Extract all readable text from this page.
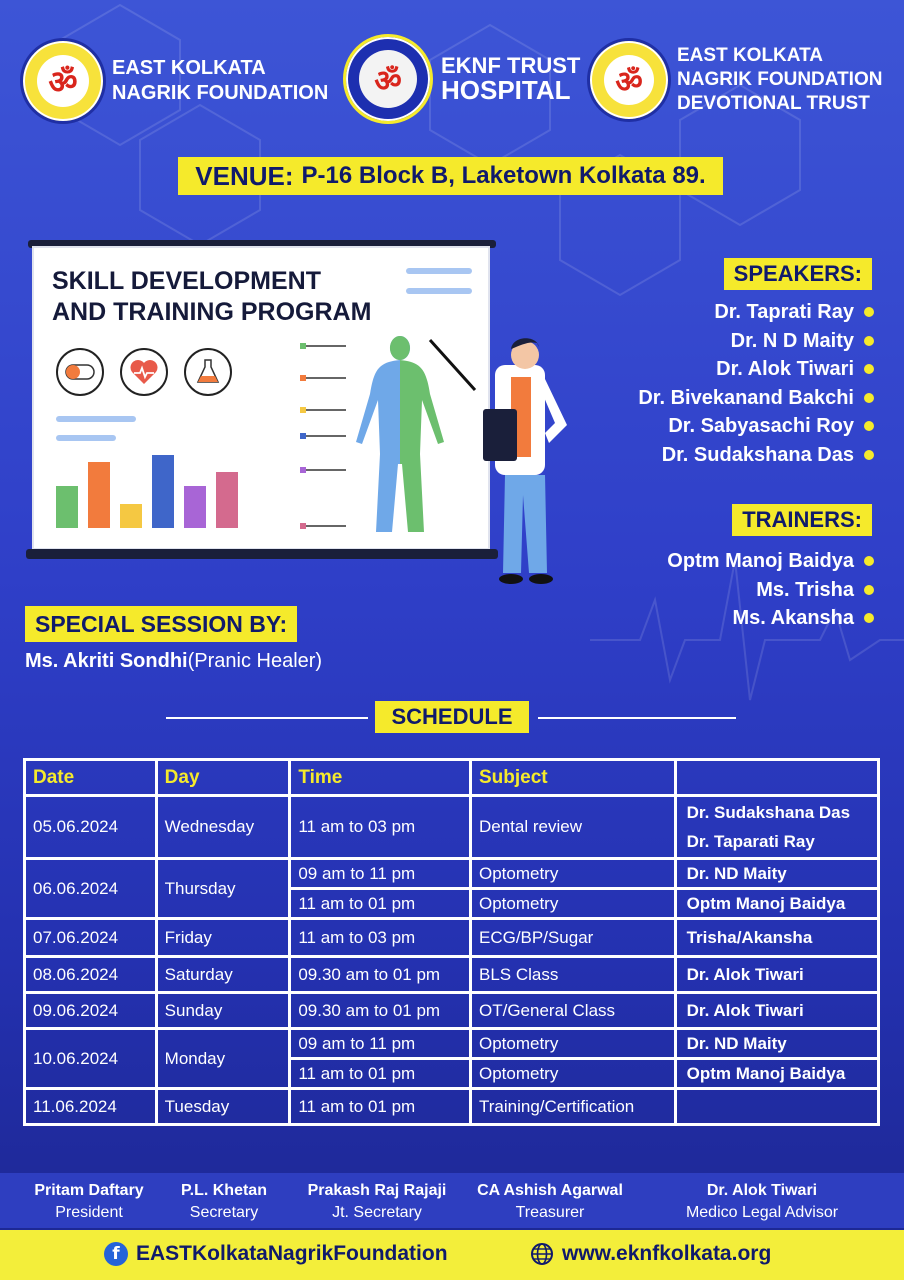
ॐ	EAST KOLKATA
NAGRIK FOUNDATION	ॐ	EKNF TRUST
HOSPITAL	ॐ
EAST KOLKATA
NAGRIK FOUNDATION
DEVOTIONAL TRUST
VENUE: P-16 Block B, Laketown Kolkata 89.
SKILL DEVELOPMENT
AND TRAINING PROGRAM
SPEAKERS:
Dr. Taprati Ray
Dr. N D Maity
Dr. Alok Tiwari
Dr. Bivekanand Bakchi
Dr. Sabyasachi Roy
Dr. Sudakshana Das
TRAINERS:
Optm Manoj Baidya
Ms. Trisha
Ms. Akansha
SPECIAL SESSION BY:
Ms. Akriti Sondhi(Pranic Healer)
SCHEDULE
Date	Day	Time	Subject	
05.06.2024	Wednesday	11 am to 03 pm	Dental review	Dr. Sudakshana Das
Dr. Taparati Ray

06.06.2024	Thursday	09 am to 11 pm	Optometry	Dr. ND Maity
		11 am to 01 pm	Optometry	Optm Manoj Baidya
07.06.2024	Friday	11 am to 03 pm	ECG/BP/Sugar	Trisha/Akansha
08.06.2024	Saturday	09.30 am to 01 pm	BLS Class	Dr. Alok Tiwari
09.06.2024	Sunday	09.30 am to 01 pm	OT/General Class	Dr. Alok Tiwari
10.06.2024	Monday	09 am to 11 pm	Optometry	Dr. ND Maity
		11 am to 01 pm	Optometry	Optm Manoj Baidya
11.06.2024	Tuesday	11 am to 01 pm	Training/Certification	
Pritam Daftary
President
P.L. Khetan
Secretary
Prakash Raj Rajaji
Jt. Secretary
CA Ashish Agarwal
Treasurer
Dr. Alok Tiwari
Medico Legal Advisor
f EASTKolkataNagrikFoundation	www.eknfkolkata.org
